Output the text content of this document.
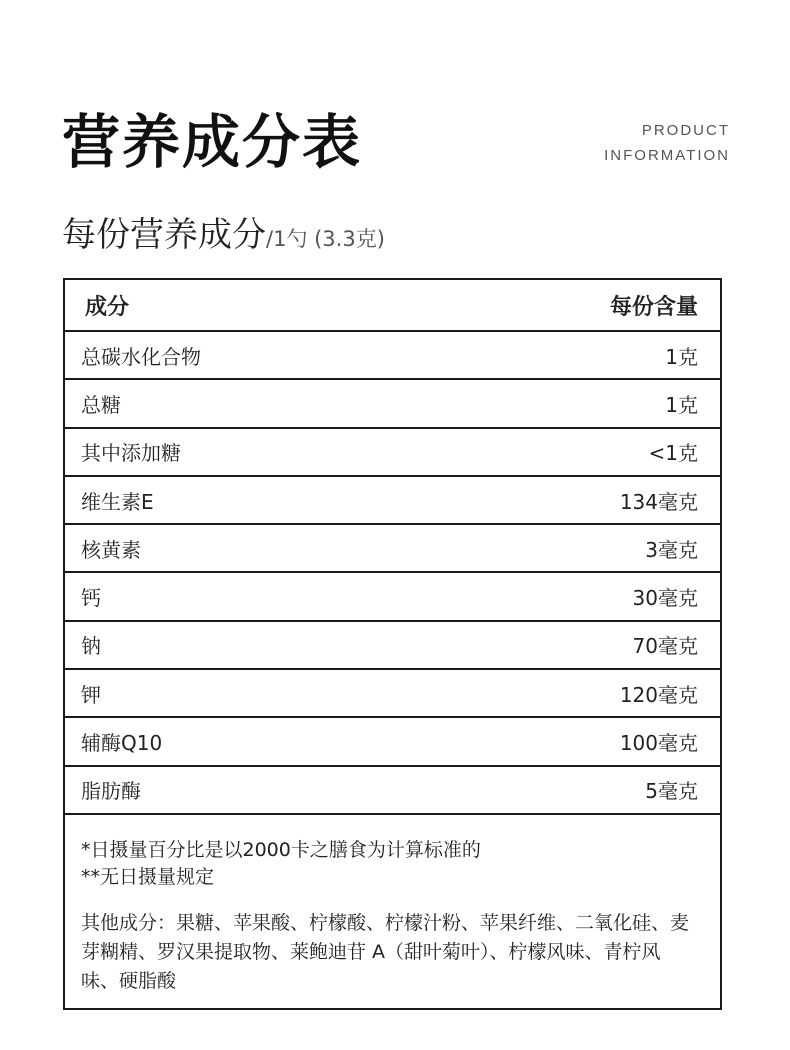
营养成分表	PRODUCT
INFORMATION
每份营养成分/1勺 (3.3克)
成分	每份含量
总碳水化合物	1克
总糖	1克
其中添加糖	<1克
维生素E	134毫克
核黄素	3毫克
钙	30毫克
钠	70毫克
钾	120毫克
辅酶Q10	100毫克
脂肪酶	5毫克
*日摄量百分比是以2000卡之膳食为计算标准的
**无日摄量规定
其他成分：果糖、苹果酸、柠檬酸、柠檬汁粉、苹果纤维、二氧化硅、麦芽糊精、罗汉果提取物、莱鲍迪苷 A（甜叶菊叶）、柠檬风味、青柠风味、硬脂酸
